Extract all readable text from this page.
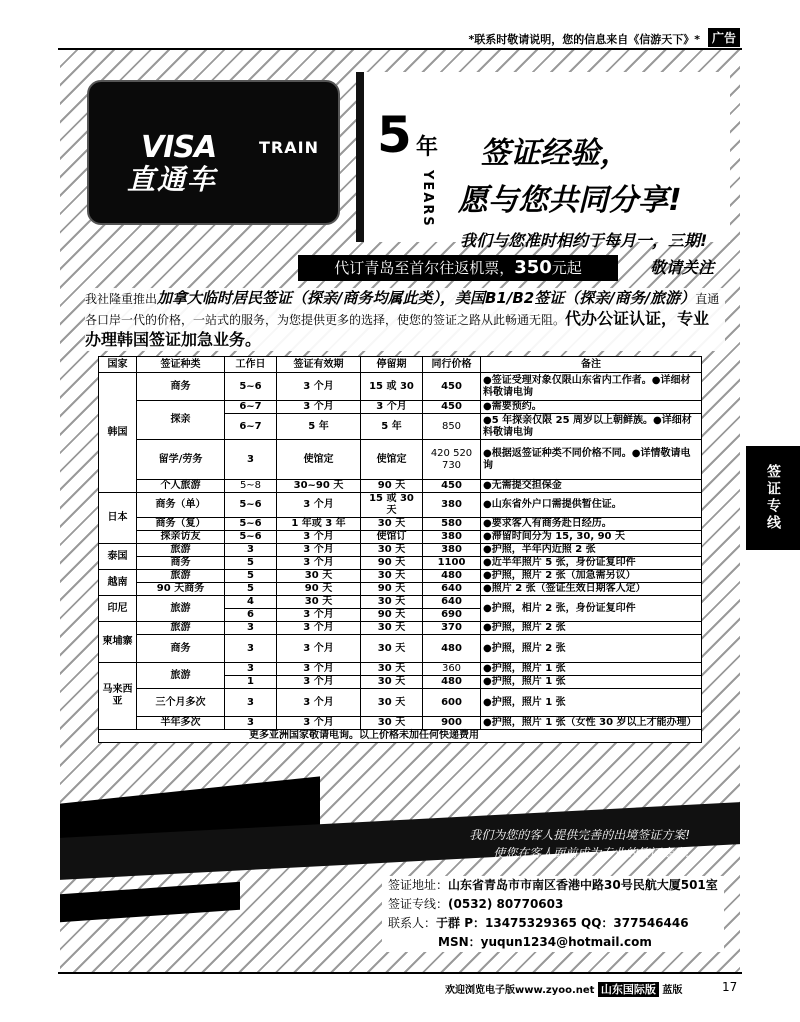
*联系时敬请说明，您的信息来自《信游天下》* 广告
VISA	TRAIN
直通车
5 年
YEARS
签证经验，
愿与您共同分享!
我们与您准时相约于每月一，三期!
敬请关注
代订青岛至首尔往返机票，350元起
我社隆重推出加拿大临时居民签证（探亲/商务均属此类），美国B1/B2签证（探亲/商务/旅游）直通各口岸一代的价格，一站式的服务，为您提供更多的选择，使您的签证之路从此畅通无阻。代办公证认证，专业办理韩国签证加急业务。
国家	签证种类	工作日	签证有效期	停留期	同行价格	备注
韩国	商务	5~6	3 个月	15 或 30	450	●签证受理对象仅限山东省内工作者。●详细材料敬请电询
	探亲	6~7	3 个月	3 个月	450	●需要预约。
		6~7	5 年	5 年	850	●5 年探亲仅限 25 周岁以上朝鲜族。●详细材料敬请电询
	留学/劳务	3	使馆定	使馆定	420 520 730	●根据返签证种类不同价格不同。●详情敬请电询
	个人旅游	5~8	30~90 天	90 天	450	●无需提交担保金
日本	商务（单）	5~6	3 个月	15 或 30 天	380	●山东省外户口需提供暂住证。
	商务（复）	5~6	1 年或 3 年	30 天	580	●要求客人有商务赴日经历。
	探亲访友	5~6	3 个月	使馆订	380	●滞留时间分为 15, 30, 90 天
泰国	旅游	3	3 个月	30 天	380	●护照，半年内近照 2 张
	商务	5	3 个月	90 天	1100	●近半年照片 5 张，身份证复印件
越南	旅游	5	30 天	30 天	480	●护照，照片 2 张（加急需另议）
	90 天商务	5	90 天	90 天	640	●照片 2 张（签证生效日期客人定）
印尼	旅游	4	30 天	30 天	640	●护照，相片 2 张，身份证复印件
		6	3 个月	90 天	690	
柬埔寨	旅游	3	3 个月	30 天	370	●护照，照片 2 张
	商务	3	3 个月	30 天	480	●护照，照片 2 张
马来西亚	旅游	3	3 个月	30 天	360	●护照，照片 1 张
		1	3 个月	30 天	480	●护照，照片 1 张
	三个月多次	3	3 个月	30 天	600	●护照，照片 1 张
	半年多次	3	3 个月	30 天	900	●护照，照片 1 张（女性 30 岁以上才能办理）
更多亚洲国家敬请电询。以上价格未加任何快递费用						
我们为您的客人提供完善的出境签证方案!
使您在客人面前成为专业的签证专家!
签证地址：山东省青岛市市南区香港中路30号民航大厦501室
签证专线：(0532) 80770603
联系人：于群 P：13475329365 QQ：377546446
MSN：yuqun1234@hotmail.com
签证专线
欢迎浏览电子版www.zyoo.net 山东国际版 蓝版	17
